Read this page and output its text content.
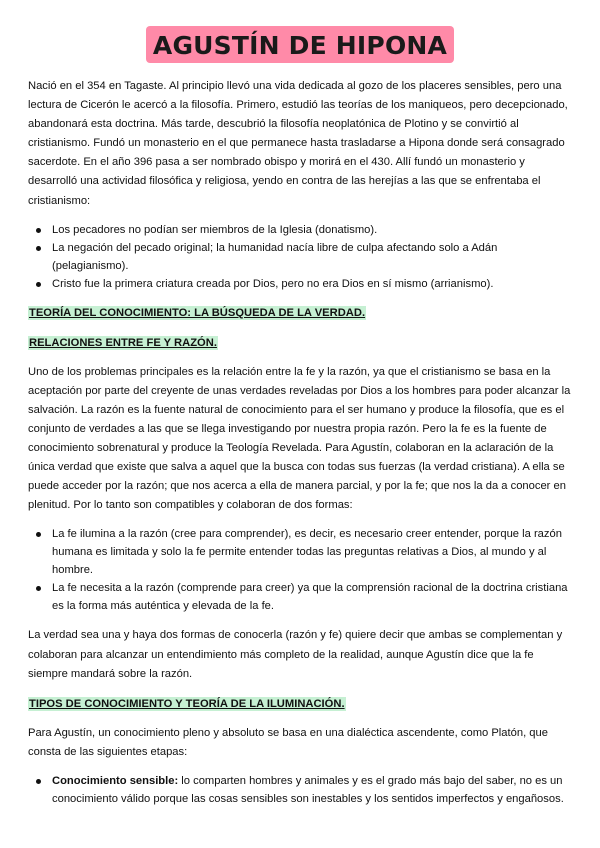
AGUSTÍN DE HIPONA

Nació en el 354 en Tagaste. Al principio llevó una vida dedicada al gozo de los placeres sensibles, pero una lectura de Cicerón le acercó a la filosofía. Primero, estudió las teorías de los maniqueos, pero decepcionado, abandonará esta doctrina. Más tarde, descubrió la filosofía neoplatónica de Plotino y se convirtió al cristianismo. Fundó un monasterio en el que permanece hasta trasladarse a Hipona donde será consagrado sacerdote. En el año 396 pasa a ser nombrado obispo y morirá en el 430. Allí fundó un monasterio y desarrolló una actividad filosófica y religiosa, yendo en contra de las herejías a las que se enfrentaba el cristianismo:

Los pecadores no podían ser miembros de la Iglesia (donatismo).
La negación del pecado original; la humanidad nacía libre de culpa afectando solo a Adán (pelagianismo).
Cristo fue la primera criatura creada por Dios, pero no era Dios en sí mismo (arrianismo).
TEORÍA DEL CONOCIMIENTO: LA BÚSQUEDA DE LA VERDAD.
RELACIONES ENTRE FE Y RAZÓN.

Uno de los problemas principales es la relación entre la fe y la razón, ya que el cristianismo se basa en la aceptación por parte del creyente de unas verdades reveladas por Dios a los hombres para poder alcanzar la salvación. La razón es la fuente natural de conocimiento para el ser humano y produce la filosofía, que es el conjunto de verdades a las que se llega investigando por nuestra propia razón. Pero la fe es la fuente de conocimiento sobrenatural y produce la Teología Revelada. Para Agustín, colaboran en la aclaración de la única verdad que existe que salva a aquel que la busca con todas sus fuerzas (la verdad cristiana). A ella se puede acceder por la razón; que nos acerca a ella de manera parcial, y por la fe; que nos la da a conocer en plenitud. Por lo tanto son compatibles y colaboran de dos formas:

La fe ilumina a la razón (cree para comprender), es decir, es necesario creer entender, porque la razón humana es limitada y solo la fe permite entender todas las preguntas relativas a Dios, al mundo y al hombre.
La fe necesita a la razón (comprende para creer) ya que la comprensión racional de la doctrina cristiana es la forma más auténtica y elevada de la fe.

La verdad sea una y haya dos formas de conocerla (razón y fe) quiere decir que ambas se complementan y colaboran para alcanzar un entendimiento más completo de la realidad, aunque Agustín dice que la fe siempre mandará sobre la razón.

TIPOS DE CONOCIMIENTO Y TEORÍA DE LA ILUMINACIÓN.

Para Agustín, un conocimiento pleno y absoluto se basa en una dialéctica ascendente, como Platón, que consta de las siguientes etapas:

Conocimiento sensible: lo comparten hombres y animales y es el grado más bajo del saber, no es un conocimiento válido porque las cosas sensibles son inestables y los sentidos imperfectos y engañosos.
